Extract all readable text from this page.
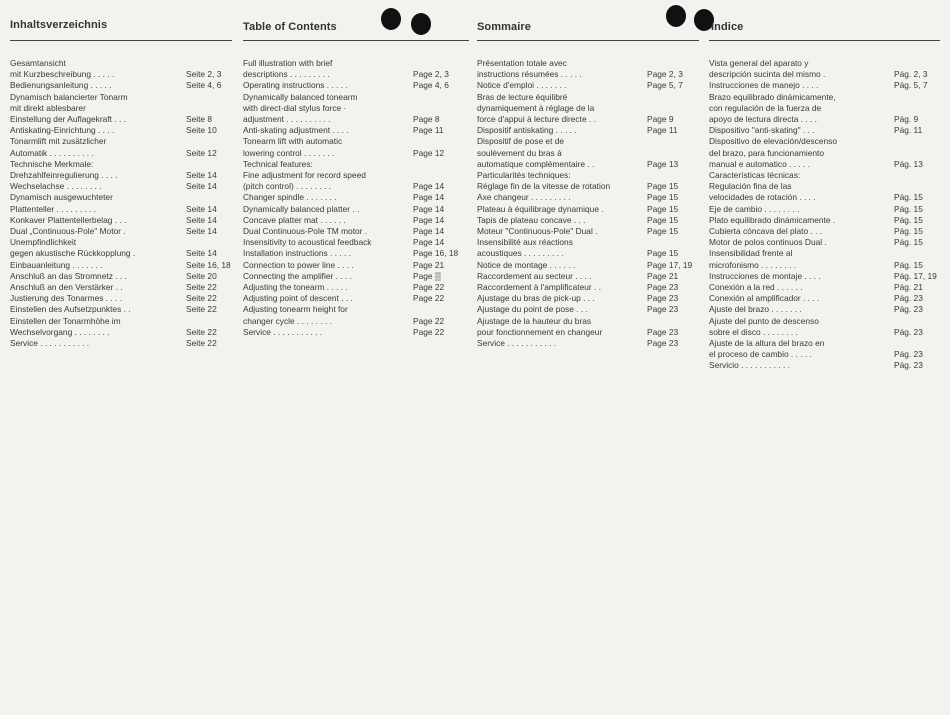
Inhaltsverzeichnis
Gesamtansicht
mit Kurzbeschreibung . . . . .	Seite 2, 3
Bedienungsanleitung . . . . .	Seite 4, 6
Dynamisch balancierter Tonarm
mit direkt ablesbarer
Einstellung der Auflagekraft . . .	Seite 8
Antiskating-Einrichtung . . . .	Seite 10
Tonarmlift mit zusätzlicher
Automatik . . . . . . . . . .	Seite 12
Technische Merkmale:
Drehzahlfeinregulierung . . . .	Seite 14
Wechselachse . . . . . . . .	Seite 14
Dynamisch ausgewuchteter
Plattenteller . . . . . . . . .	Seite 14
Konkaver Plattentellerbelag . . .	Seite 14
Dual „Continuous-Pole" Motor .	Seite 14
Unempfindlichkeit
gegen akustische Rückkopplung .	Seite 14
Einbauanleitung . . . . . . .	Seite 16, 18
Anschluß an das Stromnetz . . .	Seite 20
Anschluß an den Verstärker . .	Seite 22
Justierung des Tonarmes . . . .	Seite 22
Einstellen des Aufsetzpunktes . .	Seite 22
Einstellen der Tonarmhöhe im
Wechselvorgang . . . . . . . .	Seite 22
Service . . . . . . . . . . .	Seite 22
Table of Contents
Full illustration with brief
descriptions . . . . . . . . .	Page 2, 3
Operating instructions . . . . .	Page 4, 6
Dynamically balanced tonearm
with direct-dial stylus force ·
adjustment . . . . . . . . . .	Page 8
Anti-skating adjustment . . . .	Page 11
Tonearm lift with automatic
lowering control . . . . . . .	Page 12
Technical features:
Fine adjustment for record speed
(pitch control) . . . . . . . .	Page 14
Changer spindle . . . . . . .	Page 14
Dynamically balanced platter . .	Page 14
Concave platter mat . . . . . .	Page 14
Dual Continuous-Pole TM motor .	Page 14
Insensitivity to acoustical feedback	Page 14
Installation instructions . . . . .	Page 16, 18
Connection to power line . . . .	Page 21
Connecting the amplifier . . . .	Page ▒
Adjusting the tonearm . . . . .	Page 22
Adjusting point of descent . . .	Page 22
Adjusting tonearm height for
changer cycle . . . . . . . .	Page 22
Service . . . . . . . . . . .	Page 22
Sommaire
Présentation totale avec
instructions résumées . . . . .	Page 2, 3
Notice d'emploi . . . . . . .	Page 5, 7
Bras de lecture équilibré
dynamiquement à réglage de la
force d'appui à lecture directe . .	Page 9
Dispositif antiskating . . . . .	Page 11
Dispositif de pose et de
soulèvement du bras à
automatique complémentaire . .	Page 13
Particularités techniques:
Réglage fin de la vitesse de rotation	Page 15
Axe changeur . . . . . . . . .	Page 15
Plateau à équilibrage dynamique .	Page 15
Tapis de plateau concave . . .	Page 15
Moteur "Continuous-Pole" Dual .	Page 15
Insensibilité aux réactions
acoustiques . . . . . . . . .	Page 15
Notice de montage . . . . . .	Page 17, 19
Raccordement au secteur . . . .	Page 21
Raccordement à l'amplificateur . .	Page 23
Ajustage du bras de pick-up . . .	Page 23
Ajustage du point de pose . . .	Page 23
Ajustage de la hauteur du bras
pour fonctionnement en changeur	Page 23
Service . . . . . . . . . . .	Page 23
Indice
Vista general del aparato y
descripción sucinta del mismo .	Pág. 2, 3
Instrucciones de manejo . . . .	Pág. 5, 7
Brazo equilibrado dinámicamente,
con regulación de la fuerza de
apoyo de lectura directa . . . .	Pág. 9
Dispositivo "anti-skating" . . .	Pág. 11
Dispositivo de elevación/descenso
del brazo, para funcionamiento
manual e automatico . . . . .	Pág. 13
Características técnicas:
Regulación fina de las
velocidades de rotación . . . .	Pág. 15
Eje de cambio . . . . . . . .	Pág. 15
Plato equilibrado dinámicamente .	Pág. 15
Cubierta cóncava del plato . . .	Pág. 15
Motor de polos continuos Dual .	Pág. 15
Insensibilidad frente al
microfonismo . . . . . . . .	Pág. 15
Instrucciones de montaje . . . .	Pág. 17, 19
Conexión a la red . . . . . .	Pág. 21
Conexión al amplificador . . . .	Pág. 23
Ajuste del brazo . . . . . . .	Pág. 23
Ajuste del punto de descenso
sobre el disco . . . . . . . .	Pág. 23
Ajuste de la altura del brazo en
el proceso de cambio . . . . .	Pág. 23
Servicio . . . . . . . . . . .	Pág. 23
